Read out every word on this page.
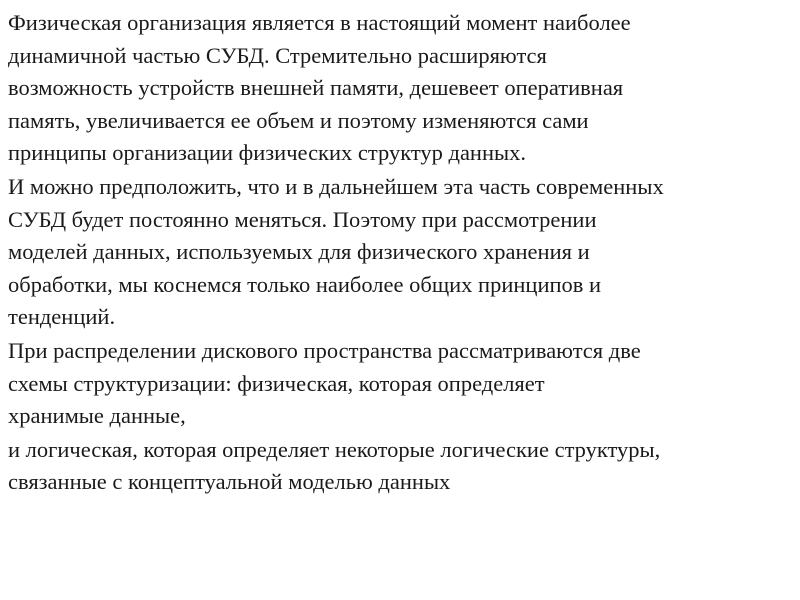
Физическая организация является в настоящий момент наиболее
динамичной частью СУБД. Стремительно расширяются
возможность устройств внешней памяти, дешевеет оперативная
память, увеличивается ее объем и поэтому изменяются сами
принципы организации физических структур данных.

И можно предположить, что и в дальнейшем эта часть современных
СУБД будет постоянно меняться. Поэтому при рассмотрении
моделей данных, используемых для физического хранения и
обработки, мы коснемся только наиболее общих принципов и
тенденций.

При распределении дискового пространства рассматриваются две
схемы структуризации: физическая, которая определяет
хранимые данные,

и логическая, которая определяет некоторые логические структуры,
связанные с концептуальной моделью данных
